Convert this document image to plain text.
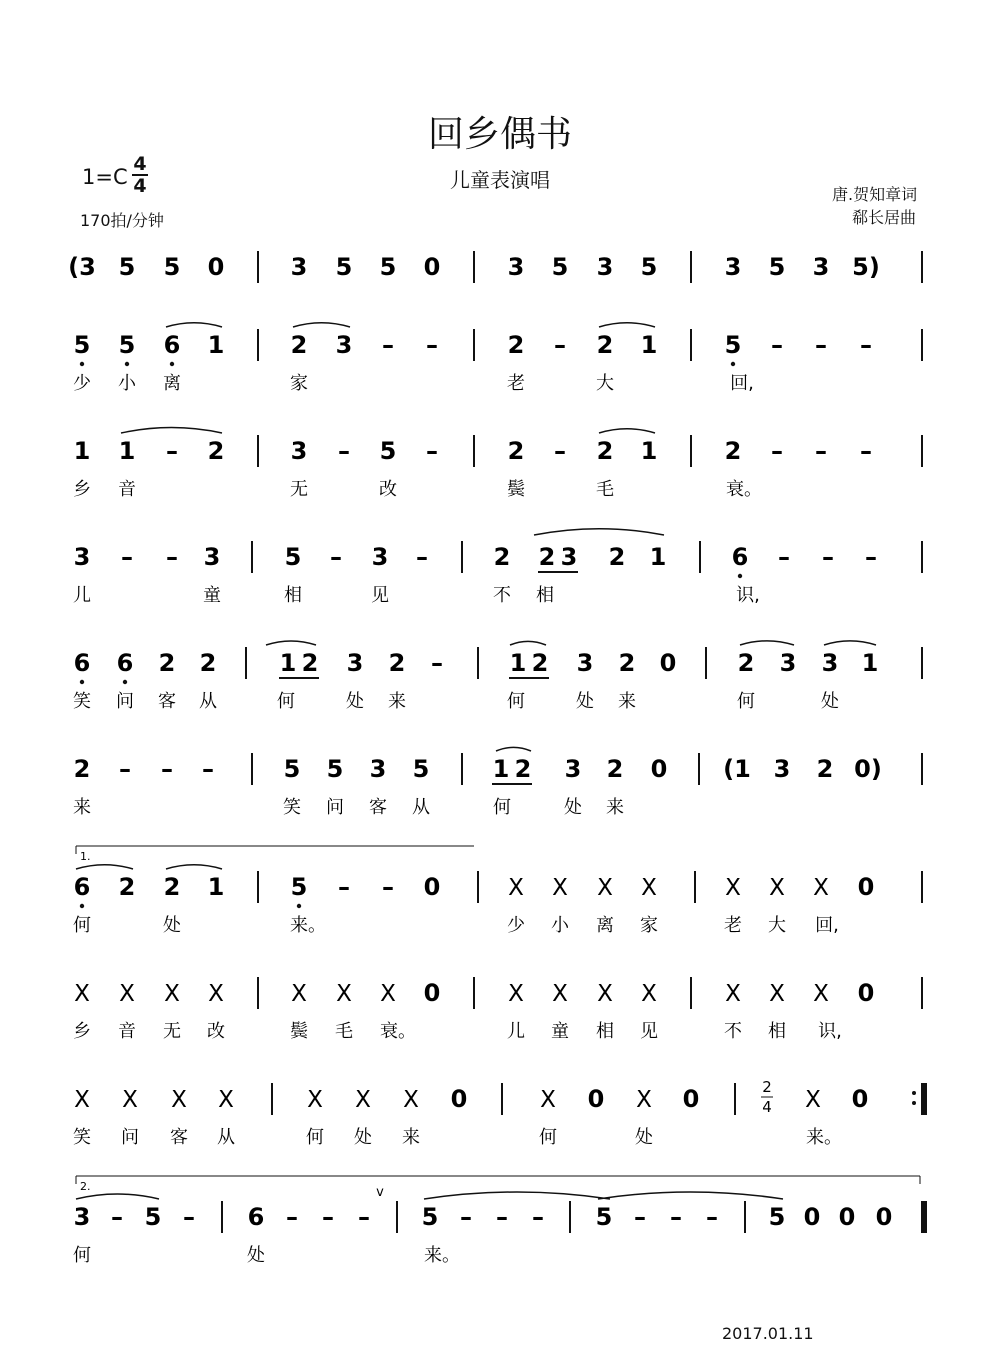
回乡偶书
儿童表演唱
1=C
4
4
170拍/分钟
唐.贺知章词
郗长居曲
2017.01.11
(3 5 5 0	3 5 5 0	3 5 3 5	3 5 3 5)
5 5 6 1	2 3 – –	2 – 2 1	5 – – –
少 小 离	家	老	大	回,
1 1 – 2	3 – 5 –	2 – 2 1	2 – – –
乡 音	无	改	鬓	毛	衰。
3 – – 3	5 – 3 –	2 2 3 2 1	6 – – –
儿	童	相	见	不 相	识,
6 6 2 2	1 2 3 2 –	1 2 3 2 0	2 3 3 1
笑 问 客 从	何	处 来	何	处 来	何	处
2 – – –	5 5 3 5	1 2 3 2 0 (1 3 2 0)
来	笑 问 客 从	何	处 来
6 2 2 1	5 – – 0	X X X X	X X X 0
何	处	来。	少 小 离 家	老 大 回,
1.
X X X X	X X X 0	X X X X	X X X 0
乡 音 无 改	鬓 毛 衰。	儿 童 相 见	不 相 识,
X X X X	X X X 0	X 0 X 0	X 0
笑 问 客 从	何 处 来	何	处	来。
2
4
3 – 5 – 6 – – – 5 – – – 5 – – – 5 0 0 0
何	处	来。
2.	v
